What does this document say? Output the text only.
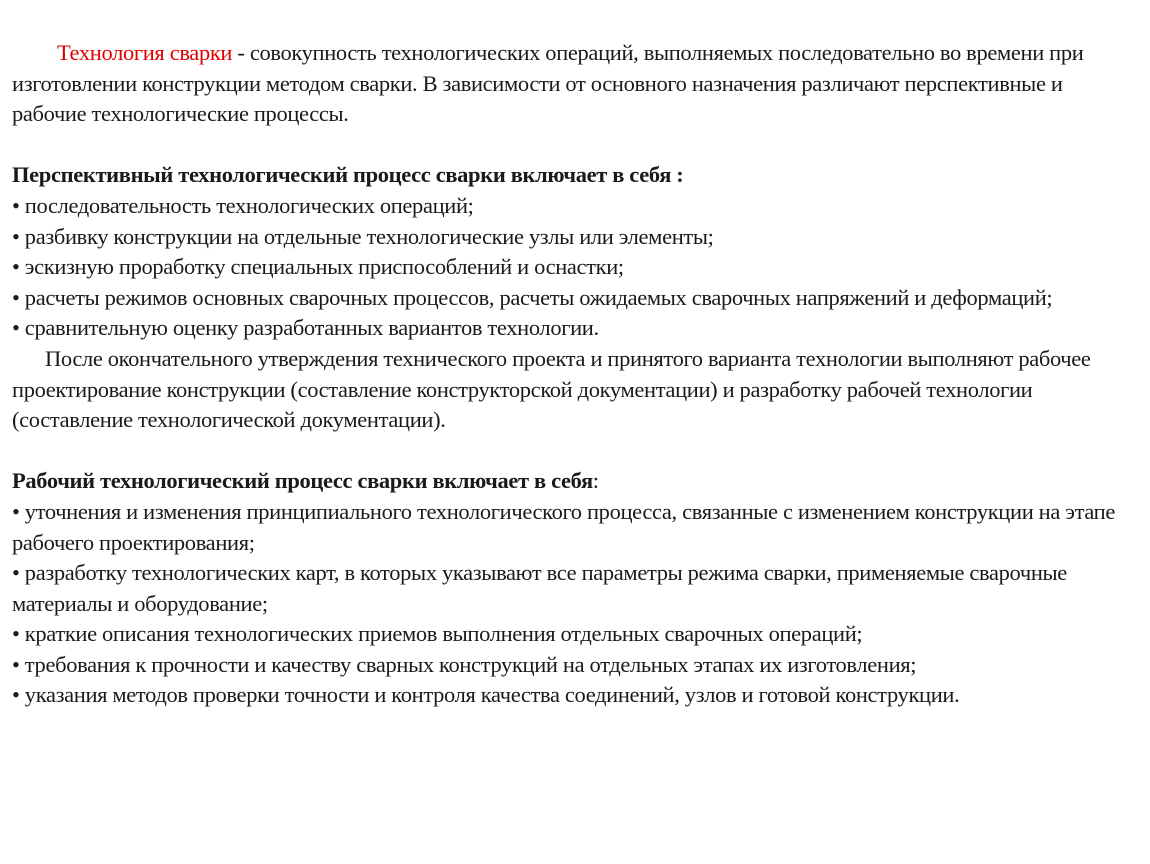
Технология сварки - совокупность технологических операций, выполняемых последовательно во времени при изготовлении конструкции методом сварки. В зависимости от основного назначения различают перспективные и рабочие технологические процессы.

Перспективный технологический процесс сварки включает в себя :

• последовательность технологических операций;
• разбивку конструкции на отдельные технологические узлы или элементы;
• эскизную проработку специальных приспособлений и оснастки;
• расчеты режимов основных сварочных процессов, расчеты ожидаемых сварочных напряжений и деформаций;
• сравнительную оценку разработанных вариантов технологии.

После окончательного утверждения технического проекта и принятого варианта технологии выполняют рабочее проектирование конструкции (составление конструкторской документации) и разработку рабочей технологии (составление технологической документации).

Рабочий технологический процесс сварки включает в себя:

• уточнения и изменения принципиального технологического процесса, связанные с изменением конструкции на этапе рабочего проектирования;
• разработку технологических карт, в которых указывают все параметры режима сварки, применяемые сварочные материалы и оборудование;
• краткие описания технологических приемов выполнения отдельных сварочных операций;
• требования к прочности и качеству сварных конструкций на отдельных этапах их изготовления;
• указания методов проверки точности и контроля качества соединений, узлов и готовой конструкции.
